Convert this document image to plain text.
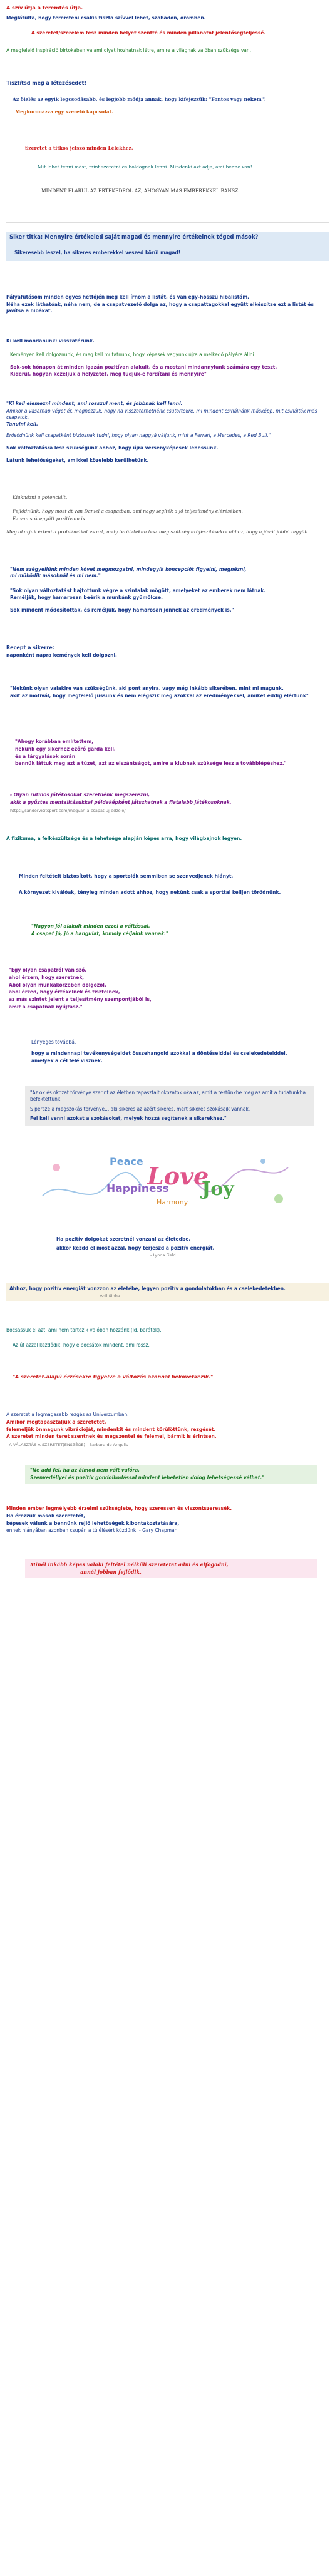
A szív útja a teremtés útja.

Meglátulta, hogy teremteni csakis tiszta szívvel lehet, szabadon, örömben.

A szeretet/szerelem tesz minden helyet szentté és minden pillanatot jelentőségteljessé.

A megfelelő inspiráció birtokában valami olyat hozhatnak létre, amire a világnak valóban szüksége van.

Tisztítsd meg a létezésedet!

Az ölelés az egyik legcsodásabb, és legjobb módja annak, hogy kifejezzük: "Fontos vagy nekem"!

Megkoronázza egy szerető kapcsolat.

Szeretet a titkos jelszó minden Lélekhez.

Mit lehet tenni mást, mint szeretni és boldognak lenni. Mindenki azt adja, ami benne van!

MINDENT ELÁRUL AZ ÉRTÉKEDRŐL AZ, AHOGYAN MAS EMBEREKKEL BÁNSZ.

Siker titka: Mennyire értékeled saját magad és mennyire értékelnek téged mások?

Sikeresebb leszel, ha sikeres emberekkel veszed körül magad!

Pályafutásom minden egyes hétfőjén meg kell írnom a listát, és van egy-hosszú hibalistám.

Néha ezek láthatóak, néha nem, de a csapatvezető dolga az, hogy a csapattagokkal együtt elkészítse ezt a listát és javítsa a hibákat.

Ki kell mondanunk: visszatérünk.

Keményen kell dolgoznunk, és meg kell mutatnunk, hogy képesek vagyunk újra a melkedő pályára állni.

Sok-sok hónapon át minden igazán pozitívan alakult, és a mostani mindannyiunk számára egy teszt.

Kiderül, hogyan kezeljük a helyzetet, meg tudjuk-e fordítani és mennyire"

"Ki kell elemezni mindent, ami rosszul ment, és jobbnak kell lenni.

Amikor a vasárnap véget ér, megnézzük, hogy ha visszatérhetnénk csütörtökre, mi mindent csinálnánk másképp, mit csinálták más csapatok.

Tanulni kell.

Erősödnünk kell csapatként biztosnak tudni, hogy olyan naggyá váljunk, mint a Ferrari, a Mercedes, a Red Bull."

Sok változtatásra lesz szükségünk ahhoz, hogy újra versenyképesek lehessünk.

Látunk lehetőségeket, amikkel közelebb kerülhetünk.

Kiaknázni a potenciált.

Fejlődnünk, hogy most át van Daniel a csapatban, ami nagy segíték a jó teljesítmény elérésében.

Ez van sok együtt pozitívum is.

Meg akarjuk érteni a problémákat és azt, mely területeken lesz még szükség erőfeszítésekre ahhoz, hogy a jövőt jobbá tegyük.

"Nem szégyellünk minden követ megmozgatni, mindegyik koncepciót figyelni, megnézni,

mi működik másoknál és mi nem."

"Sok olyan változtatást hajtottunk végre a szintalak mögött, amelyeket az emberek nem látnak.

Remélják, hogy hamarosan beérik a munkánk gyümölcse.

Sok mindent módosítottak, és reméljük, hogy hamarosan jönnek az eredmények is."

Recept a sikerre:

naponként napra kemények kell dolgozni.

"Nekünk olyan valakire van szükségünk, aki pont anyira, vagy még inkább sikerében, mint mi magunk,

akit az motivál, hogy megfelelő jussunk és nem elégszik meg azokkal az eredményekkel, amiket eddig elértünk"

"Ahogy korábban említettem,

nekünk egy sikerhez ezőrő gárda kell,

és a tárgyalások során

bennük láttuk meg azt a tüzet, azt az elszántságot, amire a klubnak szüksége lesz a továbblépéshez."

- Olyan rutinos játékosokat szeretnénk megszerezni,

akik a gyűztes mentalitásukkal példaképként játszhatnak a fiatalabb játékosoknak.

https://sandorvisitsport.com/megvan-a-csapat-uj-edzoje/

A fizikuma, a felkészültsége és a tehetsége alapján képes arra, hogy világbajnok legyen.

Minden feltételt biztosított, hogy a sportolók semmiben se szenvedjenek hiányt.

A környezet kiválóak, tényleg minden adott ahhoz, hogy nekünk csak a sporttal kelljen törődnünk.

"Nagyon jól alakult minden ezzel a váltással.

A csapat jó, jó a hangulat, komoly céljaink vannak."

"Egy olyan csapatról van szó,

ahol érzem, hogy szeretnek,

Abol olyan munkakörzeben dolgozol,

ahol érzed, hogy értékelnek és tisztelnek,

az más szintet jelent a teljesítmény szempontjából is,

amit a csapatnak nyújtasz."

Lényeges továbbá,

hogy a mindennapi tevékenységeidet összehangold azokkal a döntéseiddel és cselekedeteiddel,

amelyek a cél felé visznek.

"Az ok és okozat törvénye szerint az életben tapasztalt okozatok oka az, amit a testünkbe meg az amit a tudatunkba befektettünk.

S persze a megszokás törvénye... aki sikeres az azért sikeres, mert sikeres szokásaik vannak.

Fel kell venni azokat a szokásokat, melyek hozzá segítenek a sikerekhez."

Peace
Love
Happiness Joy
Harmony

Ha pozitív dolgokat szeretnél vonzani az életedbe,

akkor kezdd el most azzal, hogy terjeszd a pozitív energiát.

- Lynda Field

Ahhoz, hogy pozitív energiát vonzzon az életébe, legyen pozitív a gondolatokban és a cselekedetekben.

- Anil Sinha

Bocsássuk el azt, ami nem tartozik valóban hozzánk (ld. barátok).

Az út azzal kezdődik, hogy elbocsátok mindent, ami rossz.

"A szeretet-alapú érzésekre figyelve a változás azonnal bekövetkezik."

A szeretet a legmagasabb rezgés az Univerzumban.

Amikor megtapasztaljuk a szeretetet,

felemeljük önmagunk vibrációját, mindenkit és mindent körülöttünk, rezgését.

A szeretet minden teret szentnek és megszentel és felemel, bármit is érintsen.

- A VÁLASZTÁS A SZERETET(ENSZÉGE) - Barbara de Angelis

"Ne add fel, ha az álmod nem vált valóra.

Szenvedéllyel és pozitív gondolkodással mindent lehetetlen dolog lehetségessé válhat."

Minden ember legmélyebb érzelmi szükséglete, hogy szeressen és viszontszeressék.

Ha érezzük mások szeretetét,

képesek válunk a bennünk rejlő lehetőségek kibontakoztatására,

ennek hiányában azonban csupán a túlélésért küzdünk. - Gary Chapman

Minél inkább képes valaki feltétel nélküli szeretetet adni és elfogadni,

annál jobban fejlődik.
